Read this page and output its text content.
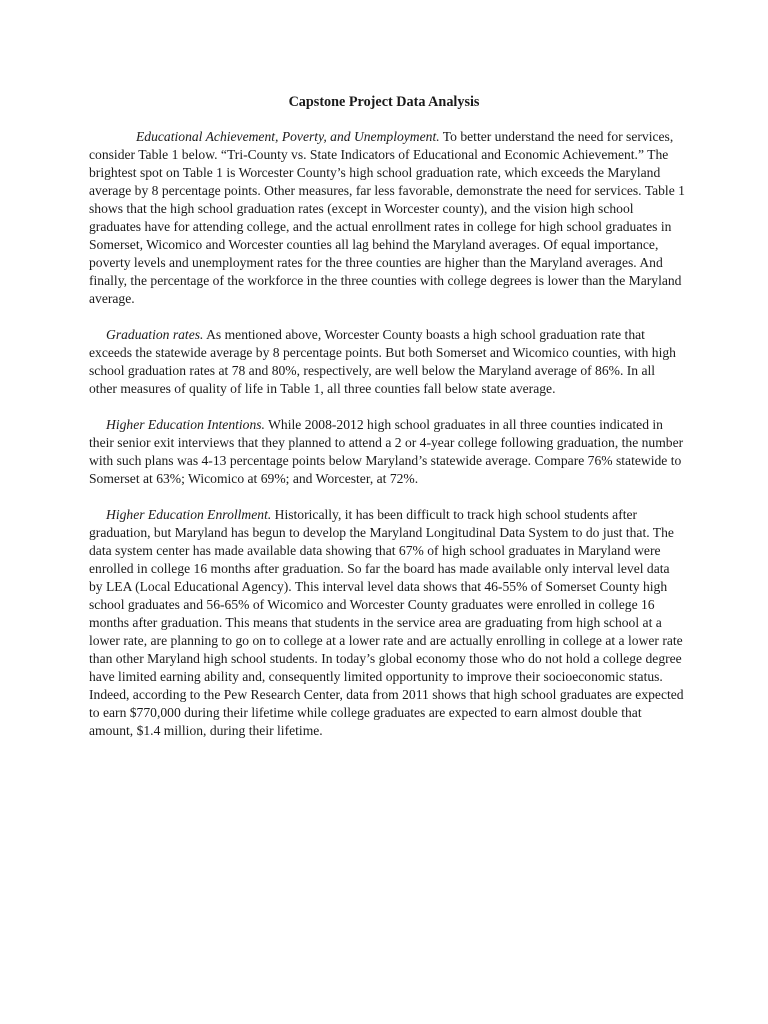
Capstone Project Data Analysis

Educational Achievement, Poverty, and Unemployment. To better understand the need for services, consider Table 1 below. “Tri-County vs. State Indicators of Educational and Economic Achievement.” The brightest spot on Table 1 is Worcester County’s high school graduation rate, which exceeds the Maryland average by 8 percentage points. Other measures, far less favorable, demonstrate the need for services. Table 1 shows that the high school graduation rates (except in Worcester county), and the vision high school graduates have for attending college, and the actual enrollment rates in college for high school graduates in Somerset, Wicomico and Worcester counties all lag behind the Maryland averages. Of equal importance, poverty levels and unemployment rates for the three counties are higher than the Maryland averages. And finally, the percentage of the workforce in the three counties with college degrees is lower than the Maryland average.

Graduation rates. As mentioned above, Worcester County boasts a high school graduation rate that exceeds the statewide average by 8 percentage points. But both Somerset and Wicomico counties, with high school graduation rates at 78 and 80%, respectively, are well below the Maryland average of 86%. In all other measures of quality of life in Table 1, all three counties fall below state average.

Higher Education Intentions. While 2008-2012 high school graduates in all three counties indicated in their senior exit interviews that they planned to attend a 2 or 4-year college following graduation, the number with such plans was 4-13 percentage points below Maryland’s statewide average. Compare 76% statewide to Somerset at 63%; Wicomico at 69%; and Worcester, at 72%.

Higher Education Enrollment. Historically, it has been difficult to track high school students after graduation, but Maryland has begun to develop the Maryland Longitudinal Data System to do just that. The data system center has made available data showing that 67% of high school graduates in Maryland were enrolled in college 16 months after graduation. So far the board has made available only interval level data by LEA (Local Educational Agency). This interval level data shows that 46-55% of Somerset County high school graduates and 56-65% of Wicomico and Worcester County graduates were enrolled in college 16 months after graduation. This means that students in the service area are graduating from high school at a lower rate, are planning to go on to college at a lower rate and are actually enrolling in college at a lower rate than other Maryland high school students. In today’s global economy those who do not hold a college degree have limited earning ability and, consequently limited opportunity to improve their socioeconomic status. Indeed, according to the Pew Research Center, data from 2011 shows that high school graduates are expected to earn $770,000 during their lifetime while college graduates are expected to earn almost double that amount, $1.4 million, during their lifetime.
